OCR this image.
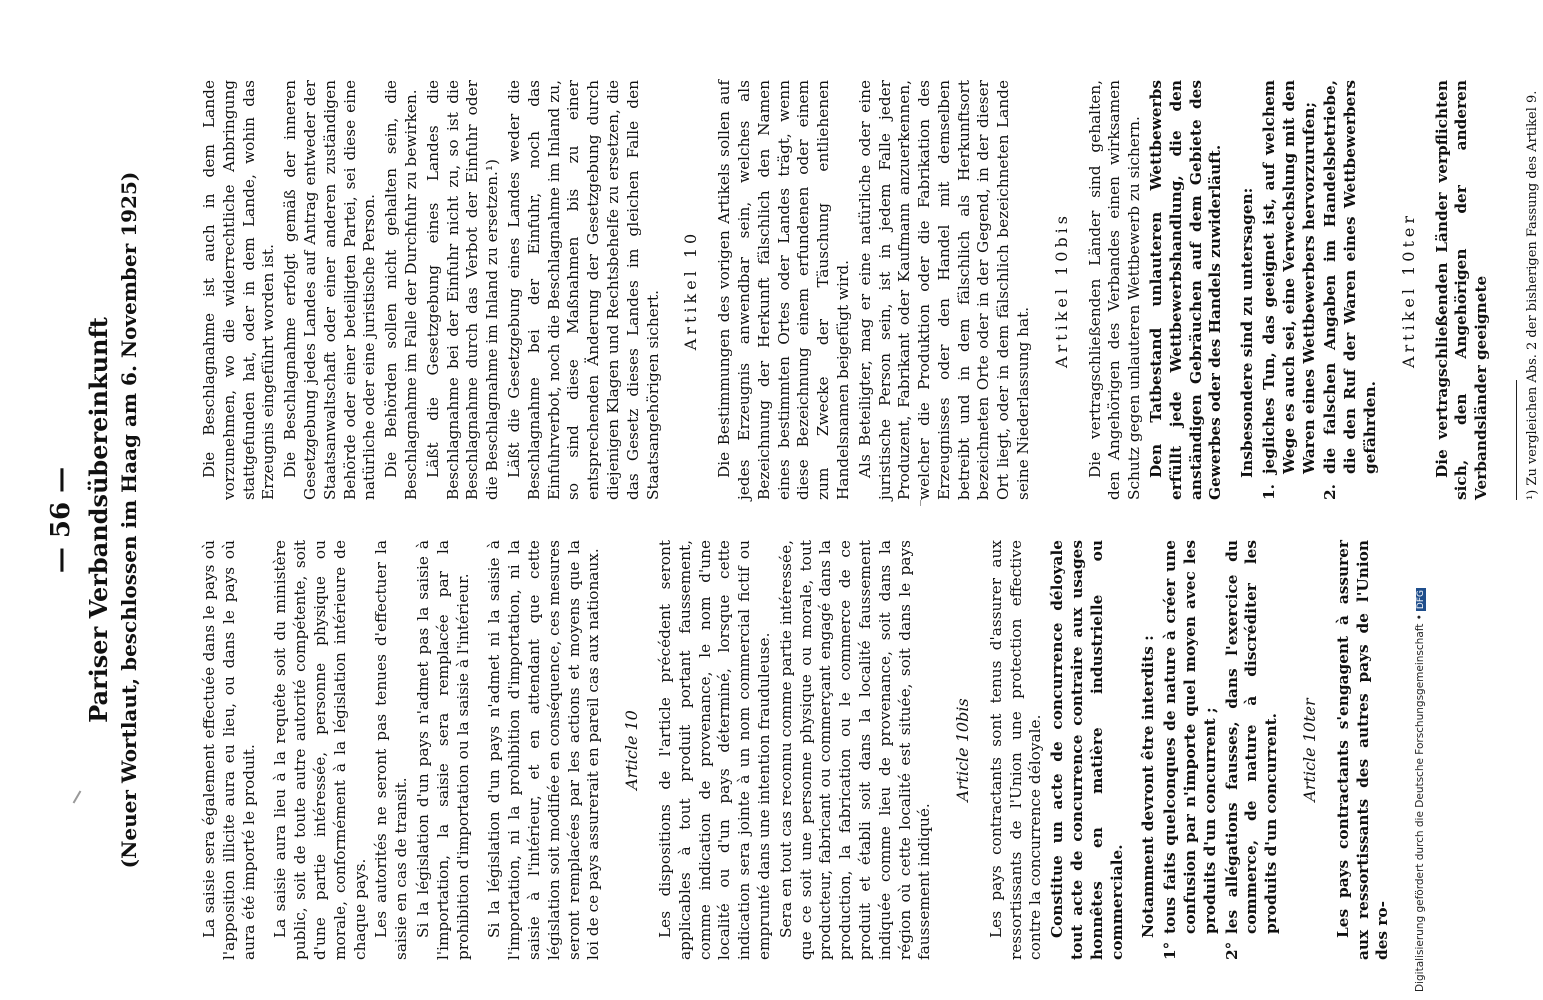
— 56 — Pariser Verbandsübereinkunft (Neuer Wortlaut, beschlossen im Haag am 6. November 1925)	La saisie sera également effectuée dans le pays où l'apposition illicite aura eu lieu, ou dans le pays où aura été importé le produit. La saisie aura lieu à la requête soit du ministère public, soit de toute autre autorité compétente, soit d'une partie intéressée, personne physique ou morale, conformément à la législation intérieure de chaque pays. Les autorités ne seront pas tenues d'effectuer la saisie en cas de transit. Si la législation d'un pays n'admet pas la saisie à l'importation, la saisie sera remplacée par la prohibition d'importation ou la saisie à l'intérieur. Si la législation d'un pays n'admet ni la saisie à l'importation, ni la prohibition d'importation, ni la saisie à l'intérieur, et en attendant que cette législation soit modifiée en conséquence, ces mesures seront remplacées par les actions et moyens que la loi de ce pays assurerait en pareil cas aux nationaux. Article 10 Les dispositions de l'article précédent seront applicables à tout produit portant faussement, comme indication de provenance, le nom d'une localité ou d'un pays déterminé, lorsque cette indication sera jointe à un nom commercial fictif ou emprunté dans une intention frauduleuse. Sera en tout cas reconnu comme partie intéressée, que ce soit une personne physique ou morale, tout producteur, fabricant ou commerçant engagé dans la production, la fabrication ou le commerce de ce produit et établi soit dans la localité faussement indiquée comme lieu de provenance, soit dans la région où cette localité est située, soit dans le pays faussement indiqué.

Article 10bis Les pays contractants sont tenus d'assurer aux ressortissants de l'Union une protection effective contre la concurrence déloyale. Constitue un acte de concurrence déloyale tout acte de concurrence contraire aux usages honnêtes en matière industrielle ou commerciale. Notamment devront être interdits :

1°
tous faits quelconques de nature à créer une confusion par n'importe quel moyen avec les produits d'un concurrent ;
2°
les allégations fausses, dans l'exercice du commerce, de nature à discréditer les produits d'un concurrent. Article 10ter Les pays contractants s'engagent à assurer aux ressortissants des autres pays de l'Union des ro-

Die Beschlagnahme ist auch in dem Lande vorzunehmen, wo die widerrechtliche Anbringung stattgefunden hat, oder in dem Lande, wohin das Erzeugnis eingeführt worden ist. Die Beschlagnahme erfolgt gemäß der inneren Gesetzgebung jedes Landes auf Antrag entweder der Staatsanwaltschaft oder einer anderen zuständigen Behörde oder einer beteiligten Partei, sei diese eine natürliche oder eine juristische Person. Die Behörden sollen nicht gehalten sein, die Beschlagnahme im Falle der Durchfuhr zu bewirken. Läßt die Gesetzgebung eines Landes die Beschlagnahme bei der Einfuhr nicht zu, so ist die Beschlagnahme durch das Verbot der Einfuhr oder die Beschlagnahme im Inland zu ersetzen.¹) Läßt die Gesetzgebung eines Landes weder die Beschlagnahme bei der Einfuhr, noch das Einfuhrverbot, noch die Beschlagnahme im Inland zu, so sind diese Maßnahmen bis zu einer entsprechenden Änderung der Gesetzgebung durch diejenigen Klagen und Rechtsbehelfe zu ersetzen, die das Gesetz dieses Landes im gleichen Falle den Staatsangehörigen sichert. Artikel 10 Die Bestimmungen des vorigen Artikels sollen auf jedes Erzeugnis anwendbar sein, welches als Bezeichnung der Herkunft fälschlich den Namen eines bestimmten Ortes oder Landes trägt, wenn diese Bezeichnung einem erfundenen oder einem zum Zwecke der Täuschung entliehenen Handelsnamen beigefügt wird. Als Beteiligter, mag er eine natürliche oder eine juristische Person sein, ist in jedem Falle jeder Produzent, Fabrikant oder Kaufmann anzuerkennen, welcher die Produktion oder die Fabrikation des Erzeugnisses oder den Handel mit demselben betreibt und in dem fälschlich als Herkunftsort bezeichneten Orte oder in der Gegend, in der dieser Ort liegt, oder in dem fälschlich bezeichneten Lande seine Niederlassung hat.

Artikel 10bis Die vertragschließenden Länder sind gehalten, den Angehörigen des Verbandes einen wirksamen Schutz gegen unlauteren Wettbewerb zu sichern. Den Tatbestand unlauteren Wettbewerbs erfüllt jede Wettbewerbshandlung, die den anständigen Gebräuchen auf dem Gebiete des Gewerbes oder des Handels zuwiderläuft. Insbesondere sind zu untersagen:

1.
jegliches Tun, das geeignet ist, auf welchem Wege es auch sei, eine Verwechslung mit den Waren eines Wettbewerbers hervorzurufen;
2.
die falschen Angaben im Handelsbetriebe, die den Ruf der Waren eines Wettbewerbers gefährden.
Artikel 10ter Die vertragschließenden Länder verpflichten sich, den Angehörigen der anderen Verbandsländer geeignete	¹) Zu vergleichen Abs. 2 der bisherigen Fassung des Artikel 9.
Digitalisierung gefördert durch die Deutsche Forschungsgemeinschaft •DFG
